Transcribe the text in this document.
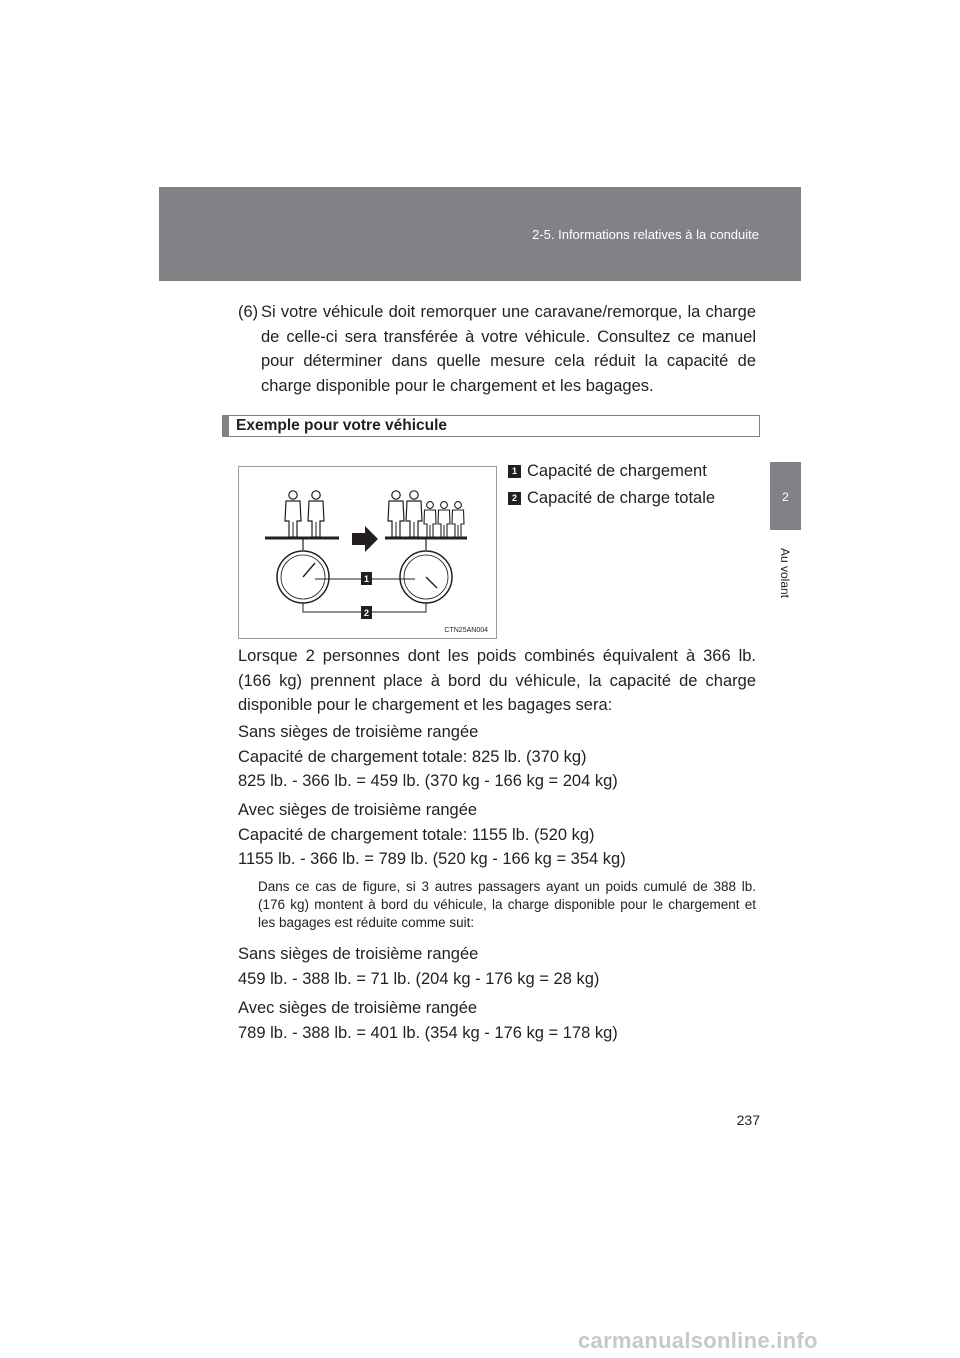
2-5. Informations relatives à la conduite
2
Au volant
(6) Si votre véhicule doit remorquer une caravane/remorque, la charge de celle-ci sera transférée à votre véhicule. Consultez ce manuel pour déterminer dans quelle mesure cela réduit la capacité de charge disponible pour le chargement et les bagages.
Exemple pour votre véhicule
1
2
CTN25AN004
1 Capacité de chargement
2 Capacité de charge totale
Lorsque 2 personnes dont les poids combinés équivalent à 366 lb. (166 kg) prennent place à bord du véhicule, la capacité de charge disponible pour le chargement et les bagages sera:
Sans sièges de troisième rangée
Capacité de chargement totale: 825 lb. (370 kg)
825 lb. - 366 lb. = 459 lb. (370 kg - 166 kg = 204 kg)
Avec sièges de troisième rangée
Capacité de chargement totale: 1155 lb. (520 kg)
1155 lb. - 366 lb. = 789 lb. (520 kg - 166 kg = 354 kg)
Dans ce cas de figure, si 3 autres passagers ayant un poids cumulé de 388 lb. (176 kg) montent à bord du véhicule, la charge disponible pour le chargement et les bagages est réduite comme suit:
Sans sièges de troisième rangée
459 lb. - 388 lb. = 71 lb. (204 kg - 176 kg = 28 kg)
Avec sièges de troisième rangée
789 lb. - 388 lb. = 401 lb. (354 kg - 176 kg = 178 kg)
237
carmanualsonline.info
